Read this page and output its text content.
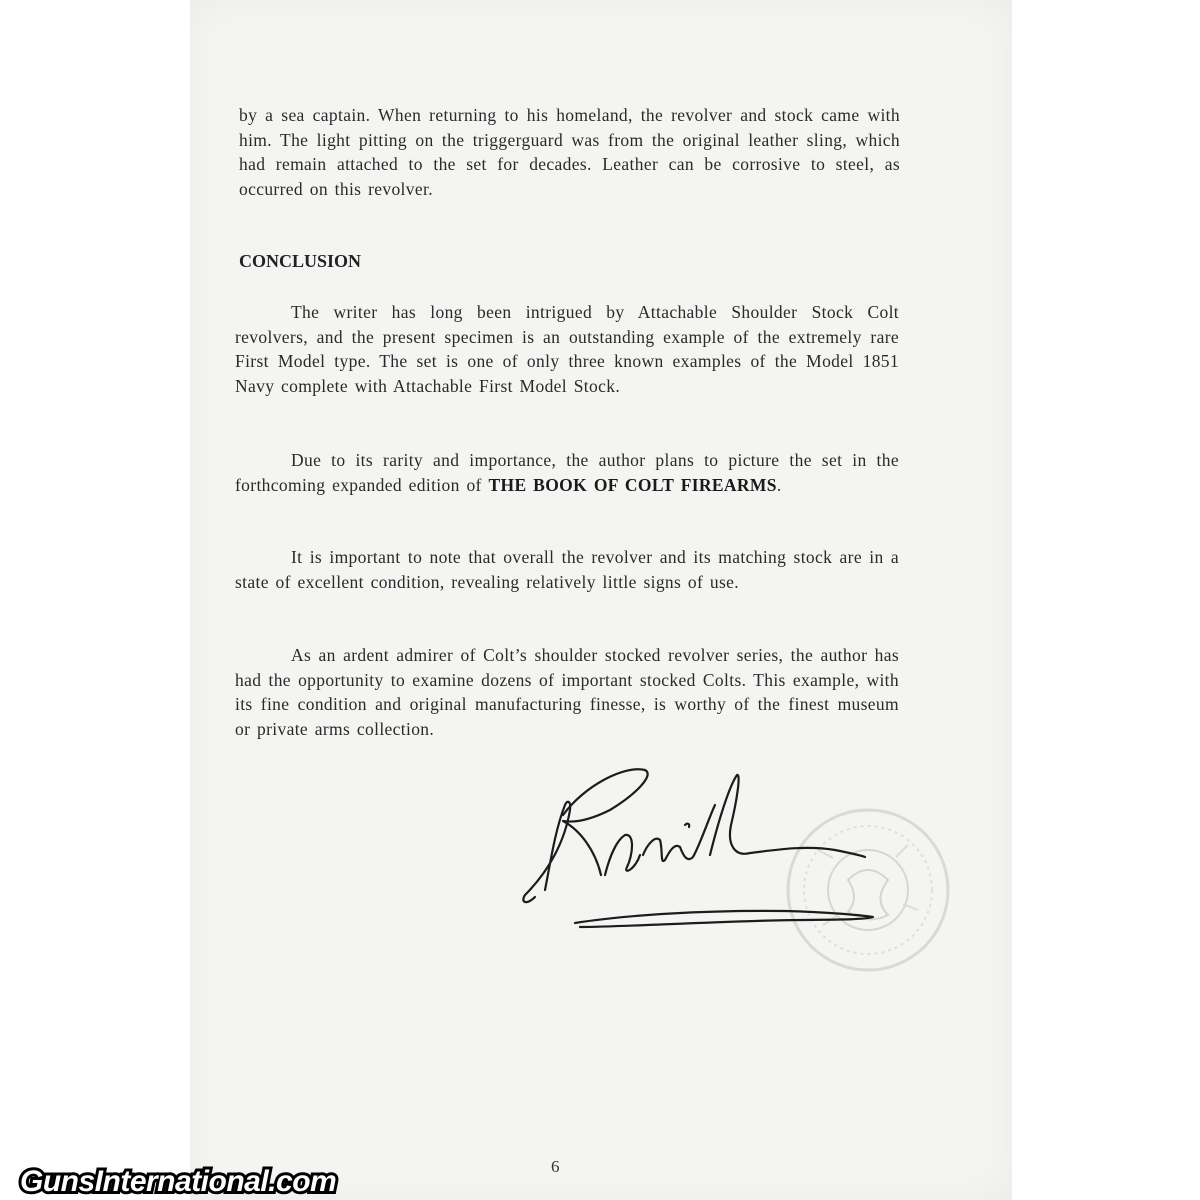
by a sea captain. When returning to his homeland, the revolver and stock came with him. The light pitting on the triggerguard was from the original leather sling, which had remain attached to the set for decades. Leather can be corrosive to steel, as occurred on this revolver.

CONCLUSION

The writer has long been intrigued by Attachable Shoulder Stock Colt revolvers, and the present specimen is an outstanding example of the extremely rare First Model type. The set is one of only three known examples of the Model 1851 Navy complete with Attachable First Model Stock.

Due to its rarity and importance, the author plans to picture the set in the forthcoming expanded edition of THE BOOK OF COLT FIREARMS.

It is important to note that overall the revolver and its matching stock are in a state of excellent condition, revealing relatively little signs of use.

As an ardent admirer of Colt’s shoulder stocked revolver series, the author has had the opportunity to examine dozens of important stocked Colts. This example, with its fine condition and original manufacturing finesse, is worthy of the finest museum or private arms collection.

6
GunsInternational.com
